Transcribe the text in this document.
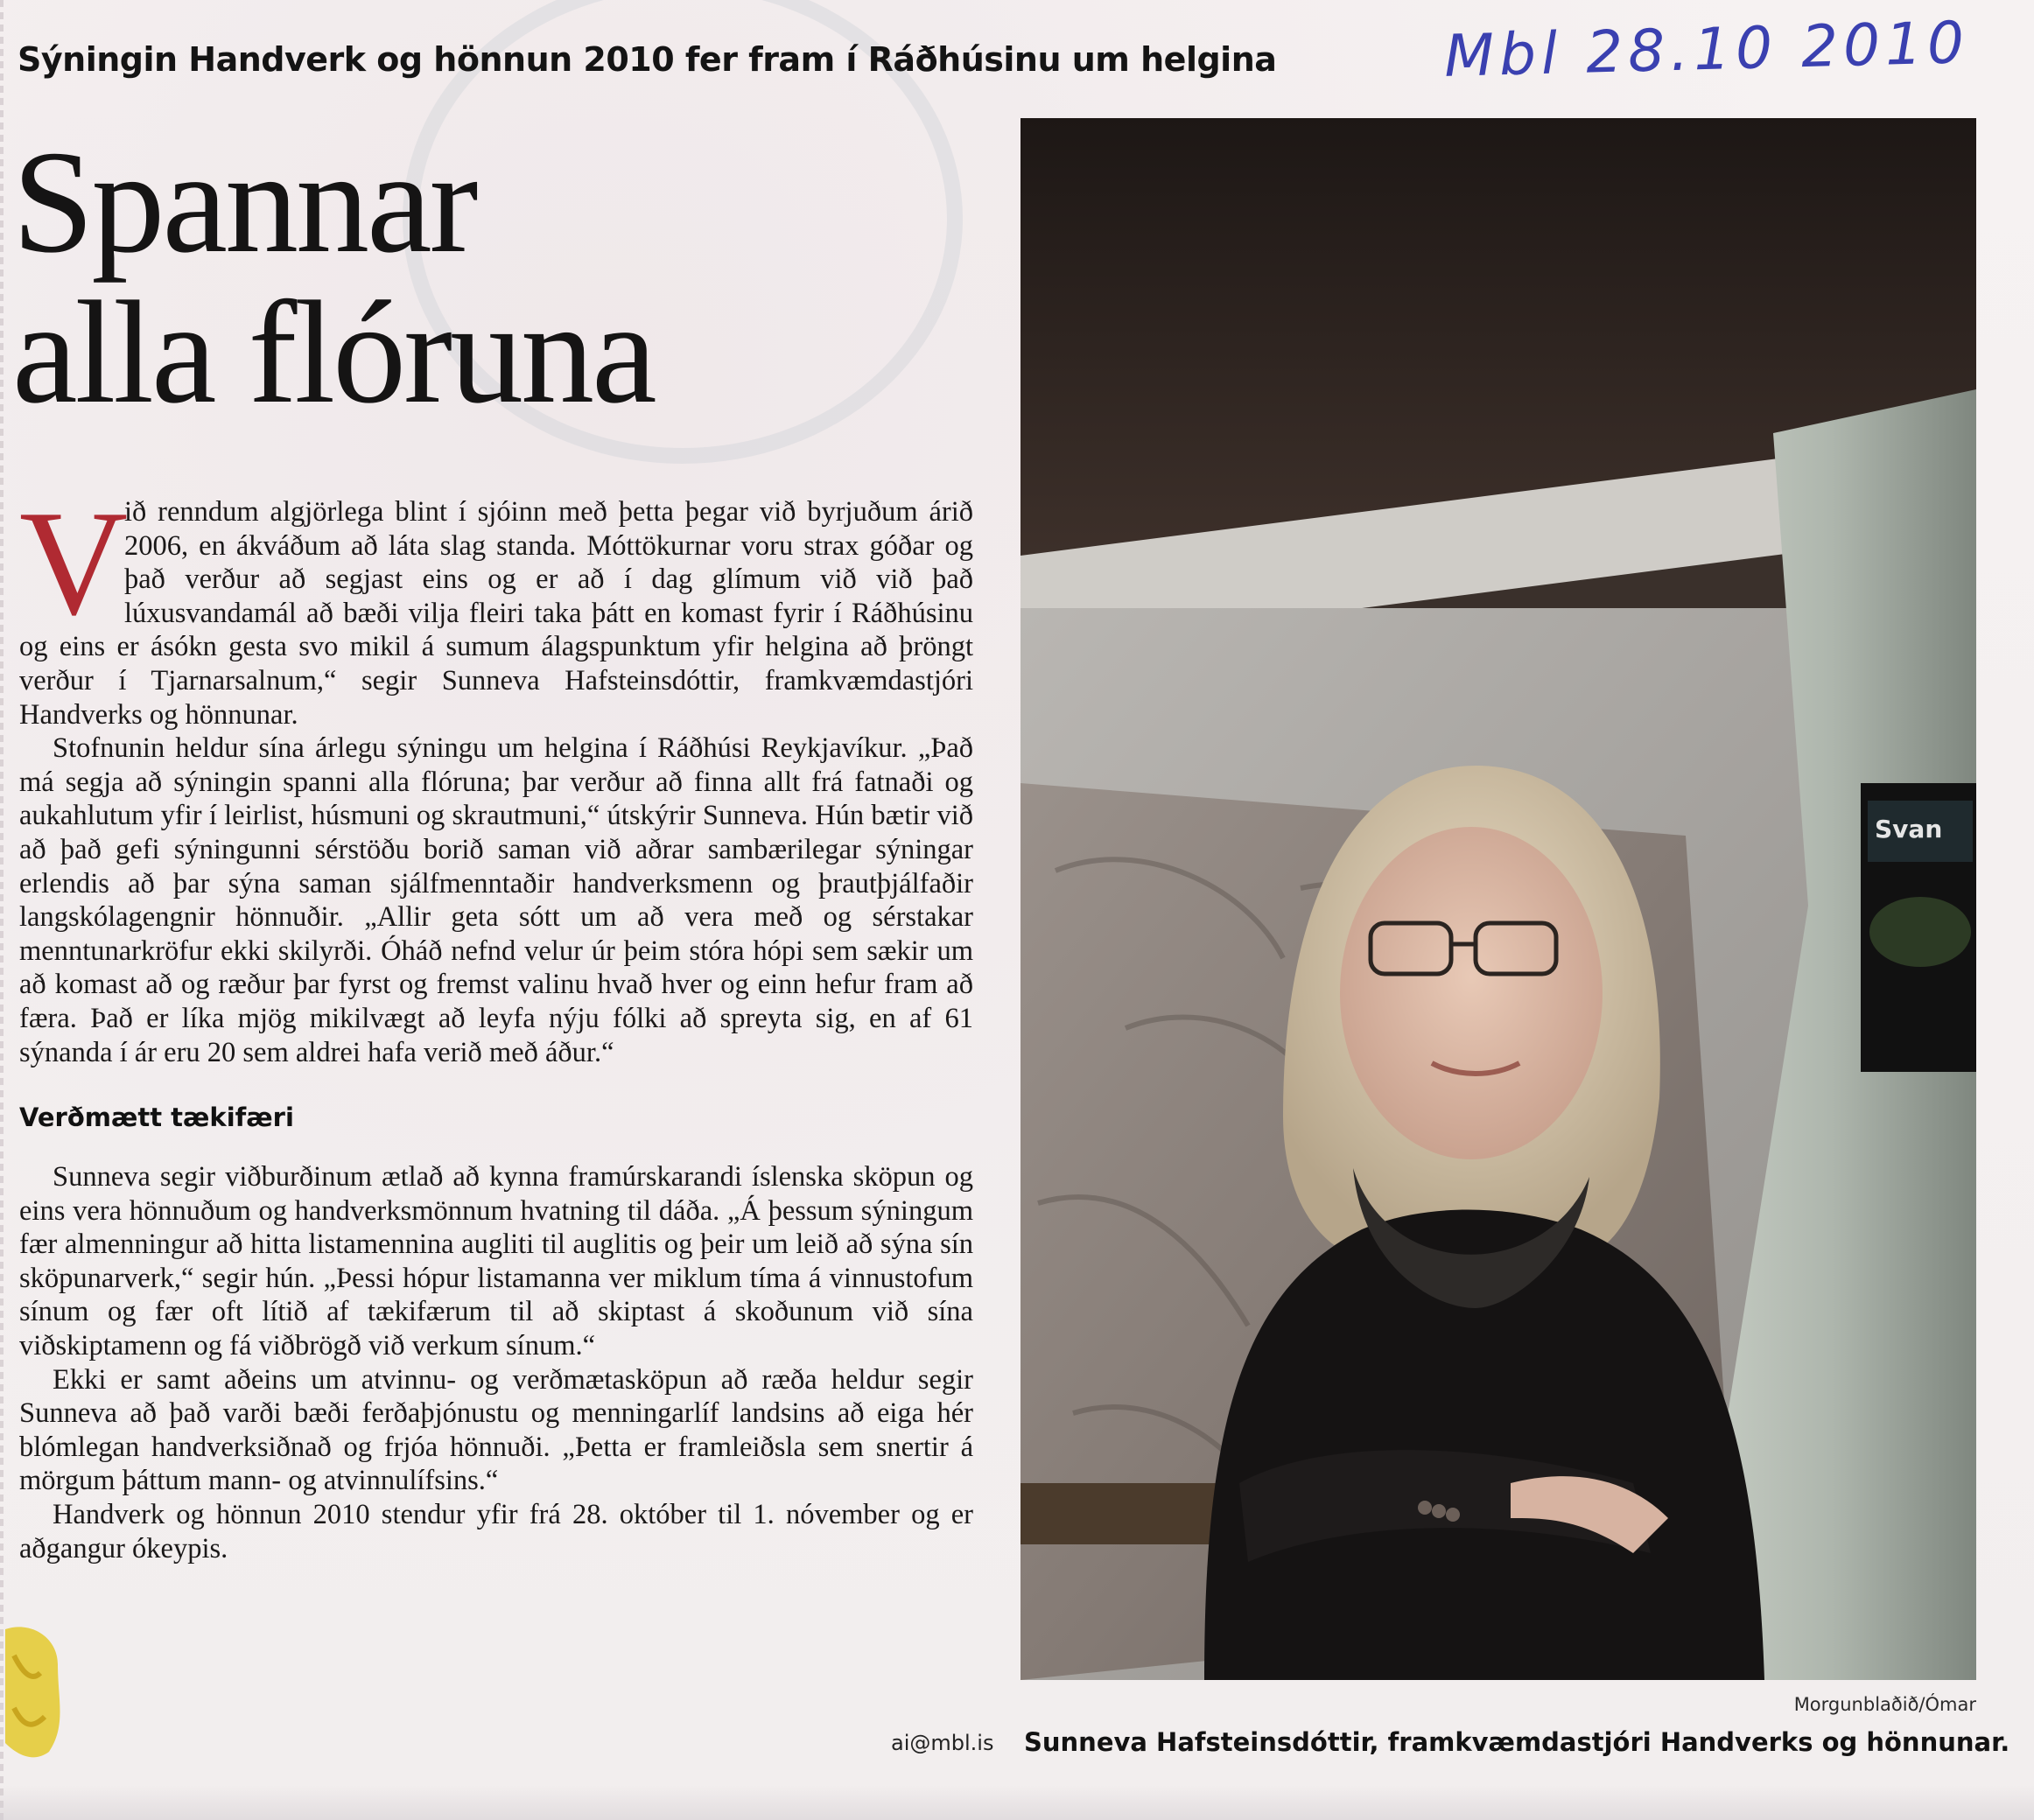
Sýningin Handverk og hönnun 2010 fer fram í Ráðhúsinu um helgina	Mbl 28.10 2010
Spannar
alla flóruna

V
ið renndum algjörlega blint í sjóinn með þetta þegar við byrjuðum árið 2006, en ákváðum að láta slag standa. Móttökurnar voru strax góðar og það verður að segjast eins og er að í dag glímum við við það lúxusvandamál að bæði vilja fleiri taka þátt en komast fyrir í Ráðhúsinu og eins er ásókn gesta svo mikil á sumum álagspunktum yfir helgina að þröngt verður í Tjarnarsalnum,“ segir Sunneva Hafsteinsdóttir, framkvæmdastjóri Handverks og hönnunar.

Stofnunin heldur sína árlegu sýningu um helgina í Ráðhúsi Reykjavíkur. „Það má segja að sýningin spanni alla flóruna; þar verður að finna allt frá fatnaði og aukahlutum yfir í leirlist, húsmuni og skrautmuni,“ útskýrir Sunneva. Hún bætir við að það gefi sýningunni sérstöðu borið saman við aðrar sambærilegar sýningar erlendis að þar sýna saman sjálfmenntaðir handverksmenn og þrautþjálfaðir langskólagengnir hönnuðir. „Allir geta sótt um að vera með og sérstakar menntunarkröfur ekki skilyrði. Óháð nefnd velur úr þeim stóra hópi sem sækir um að komast að og ræður þar fyrst og fremst valinu hvað hver og einn hefur fram að færa. Það er líka mjög mikilvægt að leyfa nýju fólki að spreyta sig, en af 61 sýnanda í ár eru 20 sem aldrei hafa verið með áður.“

Verðmætt tækifæri

Sunneva segir viðburðinum ætlað að kynna framúrskarandi íslenska sköpun og eins vera hönnuðum og handverksmönnum hvatning til dáða. „Á þessum sýningum fær almenningur að hitta listamennina augliti til auglitis og þeir um leið að sýna sín sköpunarverk,“ segir hún. „Þessi hópur listamanna ver miklum tíma á vinnustofum sínum og fær oft lítið af tækifærum til að skiptast á skoðunum við sína viðskiptamenn og fá viðbrögð við verkum sínum.“

Ekki er samt aðeins um atvinnu- og verðmætasköpun að ræða heldur segir Sunneva að það varði bæði ferðaþjónustu og menningarlíf landsins að eiga hér blómlegan handverksiðnað og frjóa hönnuði. „Þetta er framleiðsla sem snertir á mörgum þáttum mann- og atvinnulífsins.“

Handverk og hönnun 2010 stendur yfir frá 28. október til 1. nóvember og er aðgangur ókeypis.

ai@mbl.is
Svan
Morgunblaðið/Ómar
Sunneva Hafsteinsdóttir, framkvæmdastjóri Handverks og hönnunar.
